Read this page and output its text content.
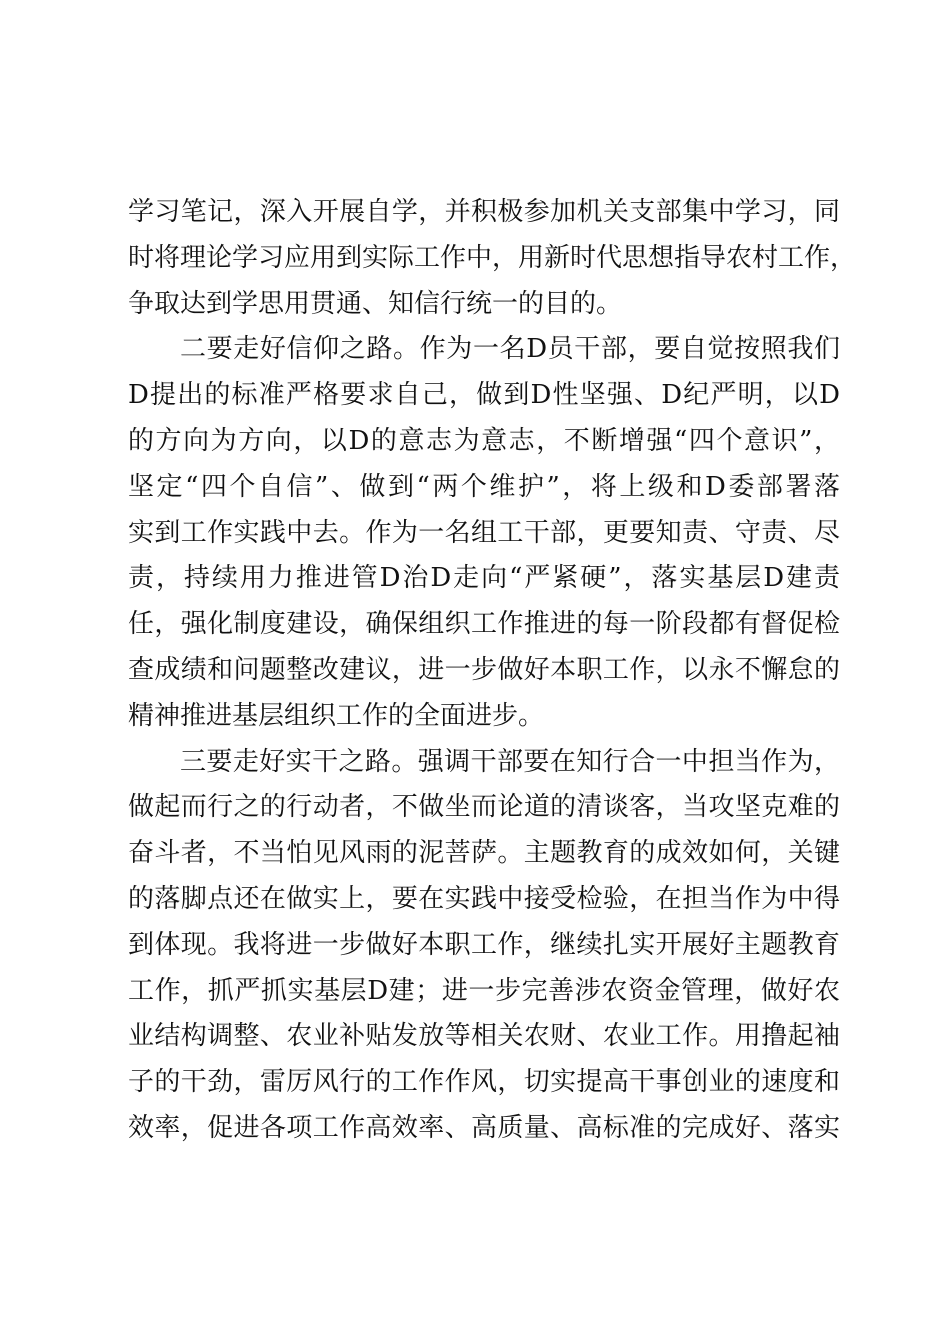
学习笔记，深入开展自学，并积极参加机关支部集中学习，同
时将理论学习应用到实际工作中，用新时代思想指导农村工作，
争取达到学思用贯通、知信行统一的目的。
二要走好信仰之路。作为一名D员干部，要自觉按照我们
D提出的标准严格要求自己，做到D性坚强、D纪严明，以D
的方向为方向，以D的意志为意志，不断增强“四个意识”，
坚定“四个自信”、做到“两个维护”，将上级和D委部署落
实到工作实践中去。作为一名组工干部，更要知责、守责、尽
责，持续用力推进管D治D走向“严紧硬”，落实基层D建责
任，强化制度建设，确保组织工作推进的每一阶段都有督促检
查成绩和问题整改建议，进一步做好本职工作，以永不懈怠的
精神推进基层组织工作的全面进步。
三要走好实干之路。强调干部要在知行合一中担当作为，
做起而行之的行动者，不做坐而论道的清谈客，当攻坚克难的
奋斗者，不当怕见风雨的泥菩萨。主题教育的成效如何，关键
的落脚点还在做实上，要在实践中接受检验，在担当作为中得
到体现。我将进一步做好本职工作，继续扎实开展好主题教育
工作，抓严抓实基层D建；进一步完善涉农资金管理，做好农
业结构调整、农业补贴发放等相关农财、农业工作。用撸起袖
子的干劲，雷厉风行的工作作风，切实提高干事创业的速度和
效率，促进各项工作高效率、高质量、高标准的完成好、落实
